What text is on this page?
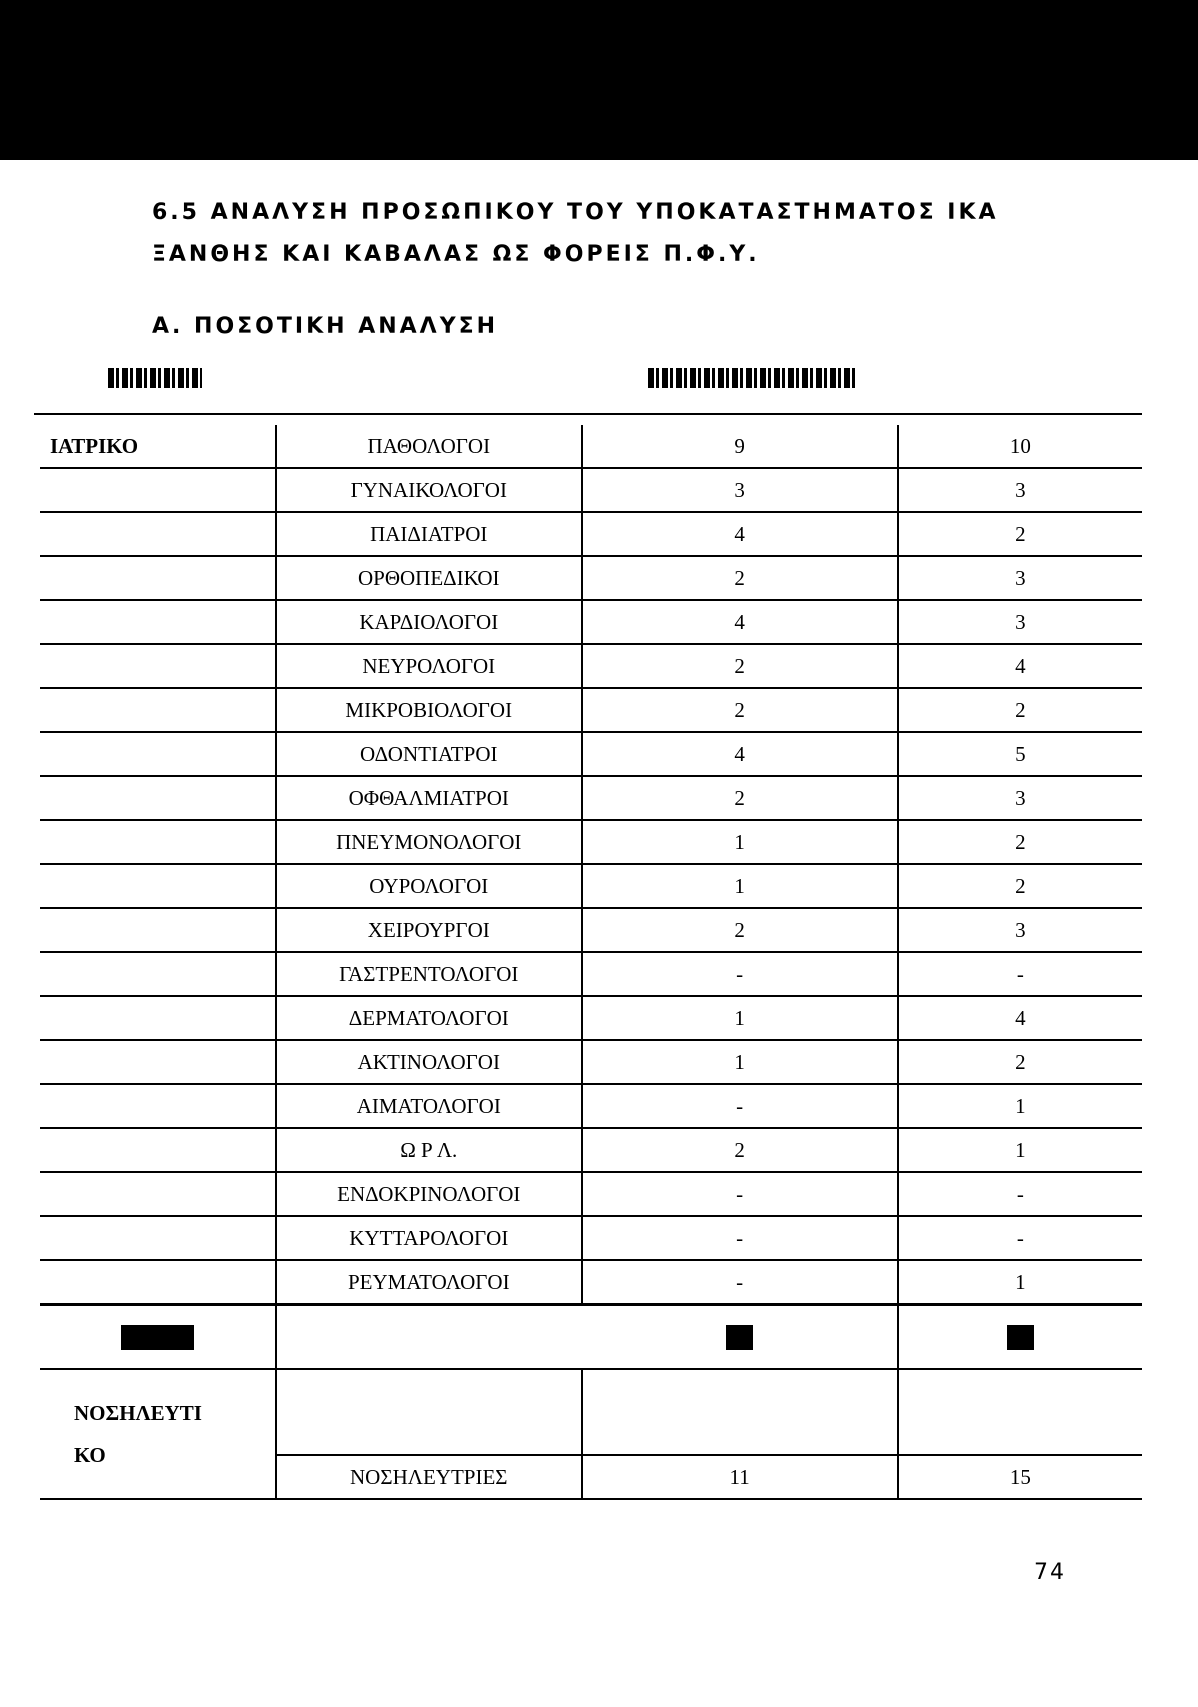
6.5 ΑΝΑΛΥΣΗ ΠΡΟΣΩΠΙΚΟΥ ΤΟΥ ΥΠΟΚΑΤΑΣΤΗΜΑΤΟΣ ΙΚΑ
ΞΑΝΘΗΣ ΚΑΙ ΚΑΒΑΛΑΣ ΩΣ ΦΟΡΕΙΣ Π.Φ.Υ.
Α. ΠΟΣΟΤΙΚΗ ΑΝΑΛΥΣΗ
ΙΑΤΡΙΚΟ	ΠΑΘΟΛΟΓΟΙ	9	10
	ΓΥΝΑΙΚΟΛΟΓΟΙ	3	3
	ΠΑΙΔΙΑΤΡΟΙ	4	2
	ΟΡΘΟΠΕΔΙΚΟΙ	2	3
	ΚΑΡΔΙΟΛΟΓΟΙ	4	3
	ΝΕΥΡΟΛΟΓΟΙ	2	4
	ΜΙΚΡΟΒΙΟΛΟΓΟΙ	2	2
	ΟΔΟΝΤΙΑΤΡΟΙ	4	5
	ΟΦΘΑΛΜΙΑΤΡΟΙ	2	3
	ΠΝΕΥΜΟΝΟΛΟΓΟΙ	1	2
	ΟΥΡΟΛΟΓΟΙ	1	2
	ΧΕΙΡΟΥΡΓΟΙ	2	3
	ΓΑΣΤΡΕΝΤΟΛΟΓΟΙ	-	-
	ΔΕΡΜΑΤΟΛΟΓΟΙ	1	4
	ΑΚΤΙΝΟΛΟΓΟΙ	1	2
	ΑΙΜΑΤΟΛΟΓΟΙ	-	1
	Ω Ρ Λ.	2	1
	ΕΝΔΟΚΡΙΝΟΛΟΓΟΙ	-	-
	ΚΥΤΤΑΡΟΛΟΓΟΙ	-	-
	ΡΕΥΜΑΤΟΛΟΓΟΙ	-	1
▬▬▬		▬	▬
ΝΟΣΗΛΕΥΤΙ
ΚΟ			
	ΝΟΣΗΛΕΥΤΡΙΕΣ	11	15
74
